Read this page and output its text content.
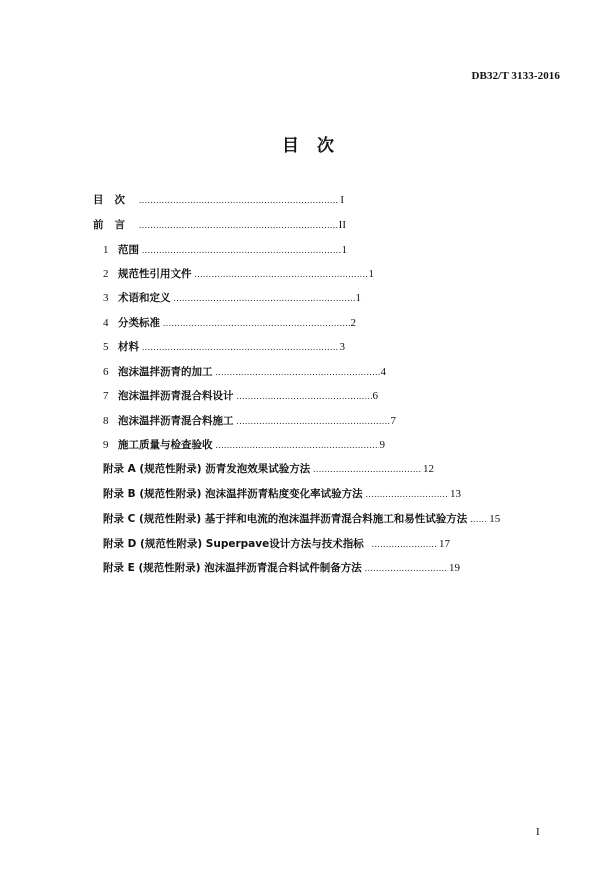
DB32/T 3133-2016
目次
目次 .....	I
前言 .....	II
1 范围 .....	1
2 规范性引用文件 .....	1
3 术语和定义 .....	1
4 分类标准 .....	2
5 材料 .....	3
6 泡沫温拌沥青的加工 .....	4
7 泡沫温拌沥青混合料设计 .....	6
8 泡沫温拌沥青混合料施工 .....	7
9 施工质量与检查验收 .....	9
附录 A (规范性附录) 沥青发泡效果试验方法 .....	12
附录 B (规范性附录) 泡沫温拌沥青粘度变化率试验方法 .....	13
附录 C (规范性附录) 基于拌和电流的泡沫温拌沥青混合料施工和易性试验方法 ..... 15
附录 D (规范性附录) Superpave设计方法与技术指标 .....	17
附录 E (规范性附录) 泡沫温拌沥青混合料试件制备方法 .....	19
I
